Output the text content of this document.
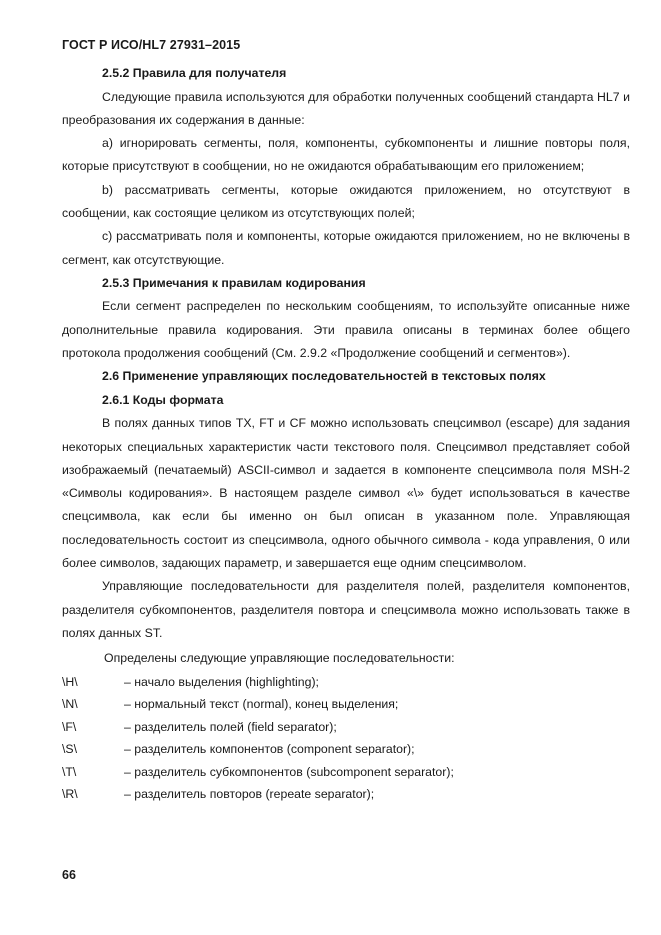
ГОСТ Р ИСО/HL7 27931–2015
2.5.2 Правила для получателя

Следующие правила используются для обработки полученных сообщений стандарта HL7 и преобразования их содержания в данные:

a) игнорировать сегменты, поля, компоненты, субкомпоненты и лишние повторы поля, которые присутствуют в сообщении, но не ожидаются обрабатывающим его приложением;

b) рассматривать сегменты, которые ожидаются приложением, но отсутствуют в сообщении, как состоящие целиком из отсутствующих полей;

c) рассматривать поля и компоненты, которые ожидаются приложением, но не включены в сегмент, как отсутствующие.

2.5.3 Примечания к правилам кодирования

Если сегмент распределен по нескольким сообщениям, то используйте описанные ниже дополнительные правила кодирования. Эти правила описаны в терминах более общего протокола продолжения сообщений (См. 2.9.2 «Продолжение сообщений и сегментов»).

2.6 Применение управляющих последовательностей в текстовых полях
2.6.1 Коды формата

В полях данных типов TX, FT и CF можно использовать спецсимвол (escape) для задания некоторых специальных характеристик части текстового поля. Спецсимвол представляет собой изображаемый (печатаемый) ASCII-символ и задается в компоненте спецсимвола поля MSH-2 «Символы кодирования». В настоящем разделе символ «\» будет использоваться в качестве спецсимвола, как если бы именно он был описан в указанном поле. Управляющая последовательность состоит из спецсимвола, одного обычного символа - кода управления, 0 или более символов, задающих параметр, и завершается еще одним спецсимволом.

Управляющие последовательности для разделителя полей, разделителя компонентов, разделителя субкомпонентов, разделителя повтора и спецсимвола можно использовать также в полях данных ST.

Определены следующие управляющие последовательности:

\H\	– начало выделения (highlighting);
\N\	– нормальный текст (normal), конец выделения;
\F\	– разделитель полей (field separator);
\S\	– разделитель компонентов (component separator);
\T\	– разделитель субкомпонентов (subcomponent separator);
\R\	– разделитель повторов (repeate separator);
66
